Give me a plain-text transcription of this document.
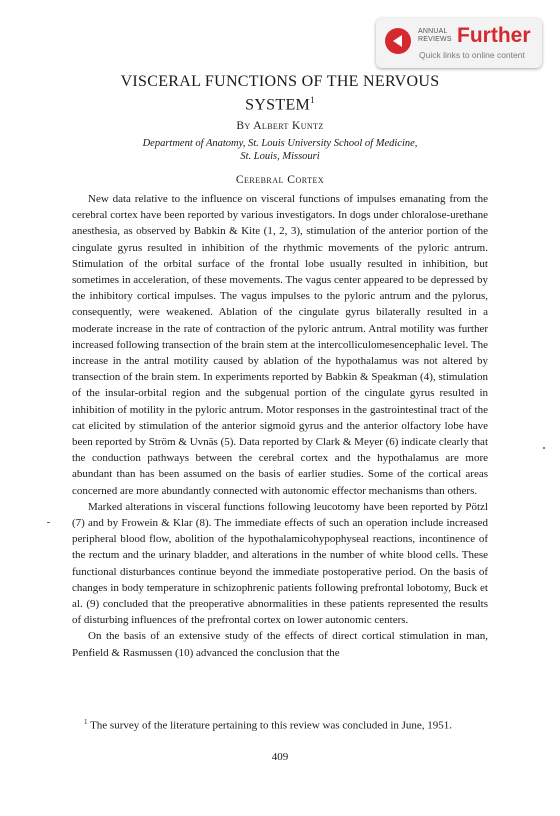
ANNUAL REVIEWS Further
Quick links to online content
VISCERAL FUNCTIONS OF THE NERVOUS
SYSTEM$^1$
By Albert Kuntz
Department of Anatomy, St. Louis University School of Medicine,
St. Louis, Missouri
Cerebral Cortex

New data relative to the influence on visceral functions of impulses emanating from the cerebral cortex have been reported by various investigators. In dogs under chloralose-urethane anesthesia, as observed by Babkin & Kite (1, 2, 3), stimulation of the anterior portion of the cingulate gyrus resulted in inhibition of the rhythmic movements of the pyloric antrum. Stimulation of the orbital surface of the frontal lobe usually resulted in inhibition, but sometimes in acceleration, of these movements. The vagus center appeared to be depressed by the inhibitory cortical impulses. The vagus impulses to the pyloric antrum and the pylorus, consequently, were weakened. Ablation of the cingulate gyrus bilaterally resulted in a moderate increase in the rate of contraction of the pyloric antrum. Antral motility was further increased following transection of the brain stem at the intercolliculomesencephalic level. The increase in the antral motility caused by ablation of the hypothalamus was not altered by transection of the brain stem. In experiments reported by Babkin & Speakman (4), stimulation of the insular-orbital region and the subgenual portion of the cingulate gyrus resulted in inhibition of motility in the pyloric antrum. Motor responses in the gastrointestinal tract of the cat elicited by stimulation of the anterior sigmoid gyrus and the anterior olfactory lobe have been reported by Ström & Uvnäs (5). Data reported by Clark & Meyer (6) indicate clearly that the conduction pathways between the cerebral cortex and the hypothalamus are more abundant than has been assumed on the basis of earlier studies. Some of the cortical areas concerned are more abundantly connected with autonomic effector mechanisms than others.

Marked alterations in visceral functions following leucotomy have been reported by Pötzl (7) and by Frowein & Klar (8). The immediate effects of such an operation include increased peripheral blood flow, abolition of the hypothalamicohypophyseal reactions, incontinence of the rectum and the urinary bladder, and alterations in the number of white blood cells. These functional disturbances continue beyond the immediate postoperative period. On the basis of changes in body temperature in schizophrenic patients following prefrontal lobotomy, Buck et al. (9) concluded that the preoperative abnormalities in these patients represented the results of disturbing influences of the prefrontal cortex on lower autonomic centers.

On the basis of an extensive study of the effects of direct cortical stimulation in man, Penfield & Rasmussen (10) advanced the conclusion that the

$^1$ The survey of the literature pertaining to this review was concluded in June, 1951.
409
